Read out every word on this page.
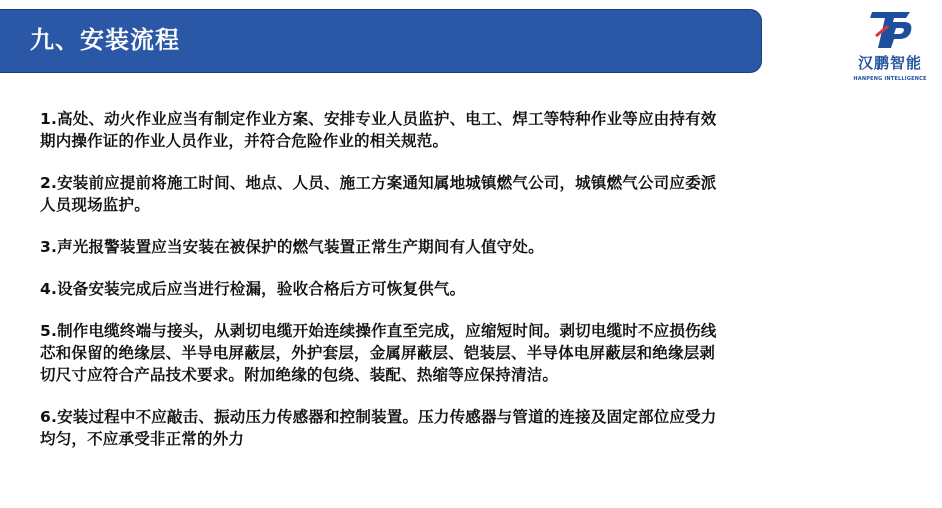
九、安装流程
汉鹏智能
HANPENG INTELLIGENCE

1.高处、动火作业应当有制定作业方案、安排专业人员监护、电工、焊工等特种作业等应由持有效期内操作证的作业人员作业，并符合危险作业的相关规范。

2.安装前应提前将施工时间、地点、人员、施工方案通知属地城镇燃气公司，城镇燃气公司应委派人员现场监护。

3.声光报警装置应当安装在被保护的燃气装置正常生产期间有人值守处。

4.设备安装完成后应当进行检漏，验收合格后方可恢复供气。

5.制作电缆终端与接头，从剥切电缆开始连续操作直至完成，应缩短时间。剥切电缆时不应损伤线芯和保留的绝缘层、半导电屏蔽层，外护套层，金属屏蔽层、铠装层、半导体电屏蔽层和绝缘层剥切尺寸应符合产品技术要求。附加绝缘的包绕、装配、热缩等应保持清洁。

6.安装过程中不应敲击、振动压力传感器和控制装置。压力传感器与管道的连接及固定部位应受力均匀，不应承受非正常的外力
